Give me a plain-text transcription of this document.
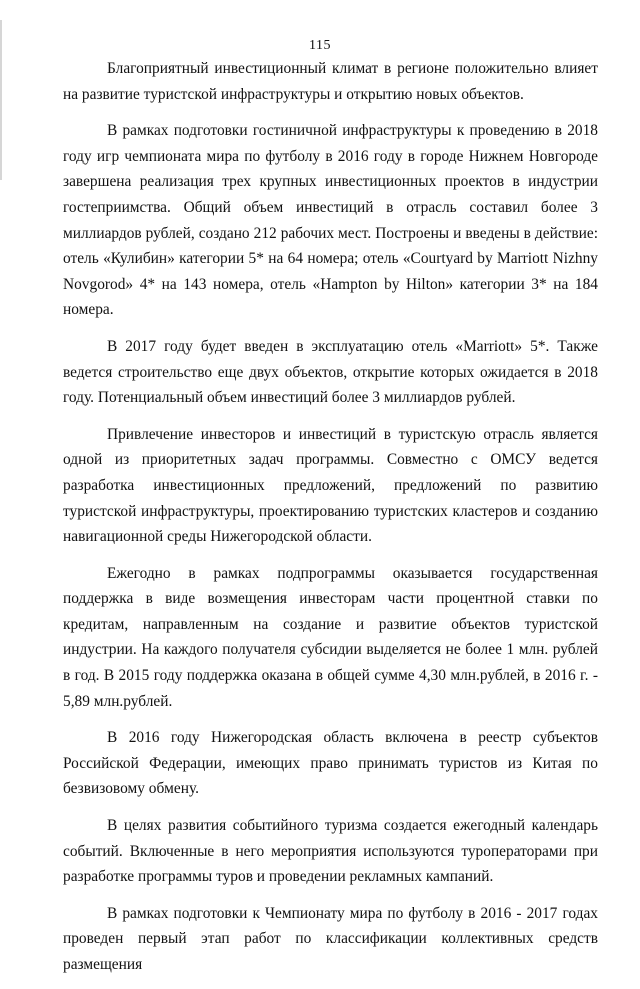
115

Благоприятный инвестиционный климат в регионе положительно влияет на развитие туристской инфраструктуры и открытию новых объектов.

В рамках подготовки гостиничной инфраструктуры к проведению в 2018 году игр чемпионата мира по футболу в 2016 году в городе Нижнем Новгороде завершена реализация трех крупных инвестиционных проектов в индустрии гостеприимства. Общий объем инвестиций в отрасль составил более 3 миллиардов рублей, создано 212 рабочих мест. Построены и введены в действие: отель «Кулибин» категории 5* на 64 номера; отель «Courtyard by Marriott Nizhny Novgorod» 4* на 143 номера, отель «Hampton by Hilton» категории 3* на 184 номера.

В 2017 году будет введен в эксплуатацию отель «Marriott» 5*. Также ведется строительство еще двух объектов, открытие которых ожидается в 2018 году. Потенциальный объем инвестиций более 3 миллиардов рублей.

Привлечение инвесторов и инвестиций в туристскую отрасль является одной из приоритетных задач программы. Совместно с ОМСУ ведется разработка инвестиционных предложений, предложений по развитию туристской инфраструктуры, проектированию туристских кластеров и созданию навигационной среды Нижегородской области.

Ежегодно в рамках подпрограммы оказывается государственная поддержка в виде возмещения инвесторам части процентной ставки по кредитам, направленным на создание и развитие объектов туристской индустрии. На каждого получателя субсидии выделяется не более 1 млн. рублей в год. В 2015 году поддержка оказана в общей сумме 4,30 млн.рублей, в 2016 г. - 5,89 млн.рублей.

В 2016 году Нижегородская область включена в реестр субъектов Российской Федерации, имеющих право принимать туристов из Китая по безвизовому обмену.

В целях развития событийного туризма создается ежегодный календарь событий. Включенные в него мероприятия используются туроператорами при разработке программы туров и проведении рекламных кампаний.

В рамках подготовки к Чемпионату мира по футболу в 2016 - 2017 годах проведен первый этап работ по классификации коллективных средств размещения
